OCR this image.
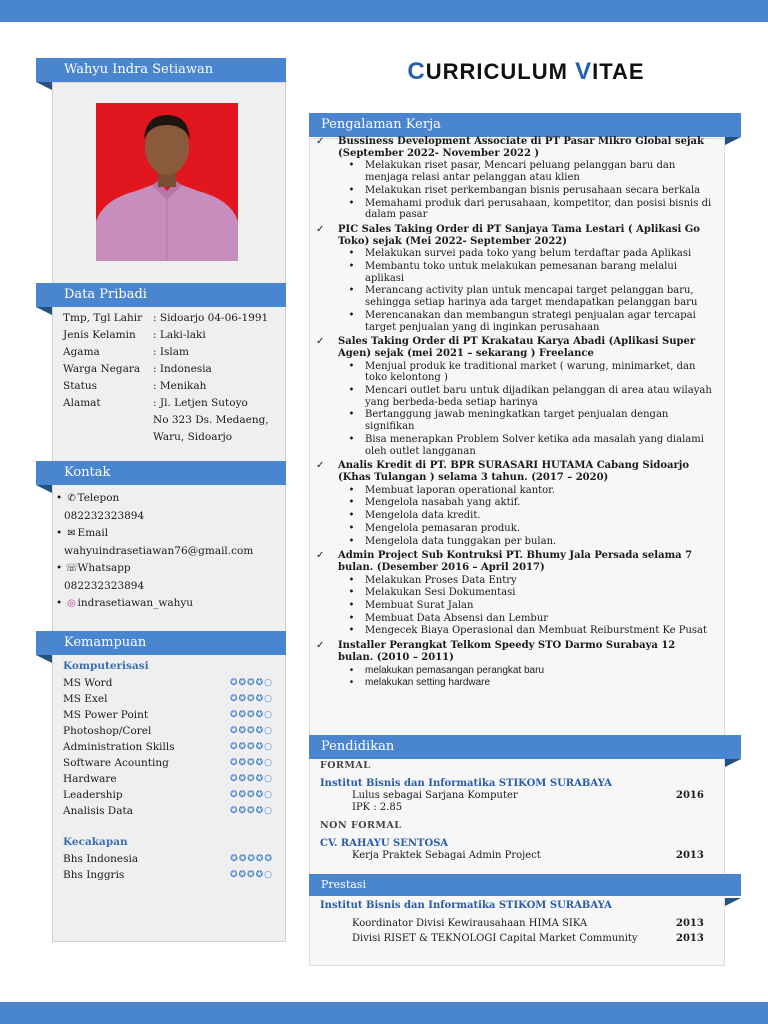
Wahyu Indra Setiawan
Data Pribadi
Tmp, Tgl Lahir	: Sidoarjo 04-06-1991
Jenis Kelamin	: Laki-laki
Agama	: Islam
Warga Negara	: Indonesia
Status	: Menikah
Alamat	: Jl. Letjen Sutoyo
No 323 Ds. Medaeng,
Waru, Sidoarjo
Kontak
• ✆ Telepon
082232323894
• ✉ Email
wahyuindrasetiawan76@gmail.com
• ☏Whatsapp
082232323894
• ◎ indrasetiawan_wahyu
Kemampuan
Komputerisasi
MS Word	✪✪✪✪○
MS Exel	✪✪✪✪○
MS Power Point	✪✪✪✪○
Photoshop/Corel	✪✪✪✪○
Administration Skills	✪✪✪✪○
Software Acounting	✪✪✪✪○
Hardware	✪✪✪✪○
Leadership	✪✪✪✪○
Analisis Data	✪✪✪✪○
Kecakapan
Bhs Indonesia	✪✪✪✪✪
Bhs Inggris	✪✪✪✪○
CURRICULUM VITAE
Pengalaman Kerja
✓	Bussiness Development Associate di PT Pasar Mikro Global sejak (September 2022- November 2022 )
•	Melakukan riset pasar, Mencari peluang pelanggan baru dan menjaga relasi antar pelanggan atau klien
•	Melakukan riset perkembangan bisnis perusahaan secara berkala
•	Memahami produk dari perusahaan, kompetitor, dan posisi bisnis di dalam pasar
✓	PIC Sales Taking Order di PT Sanjaya Tama Lestari ( Aplikasi Go Toko) sejak (Mei 2022- September 2022)
•	Melakukan survei pada toko yang belum terdaftar pada Aplikasi
•	Membantu toko untuk melakukan pemesanan barang melalui aplikasi
•	Merancang activity plan untuk mencapai target pelanggan baru, sehingga setiap harinya ada target mendapatkan pelanggan baru
•	Merencanakan dan membangun strategi penjualan agar tercapai target penjualan yang di inginkan perusahaan
✓	Sales Taking Order di PT Krakatau Karya Abadi (Aplikasi Super Agen) sejak (mei 2021 – sekarang ) Freelance
•	Menjual produk ke traditional market ( warung, minimarket, dan toko kelontong )
•	Mencari outlet baru untuk dijadikan pelanggan di area atau wilayah yang berbeda-beda setiap harinya
•	Bertanggung jawab meningkatkan target penjualan dengan signifikan
•	Bisa menerapkan Problem Solver ketika ada masalah yang dialami oleh outlet langganan
✓	Analis Kredit di PT. BPR SURASARI HUTAMA Cabang Sidoarjo (Khas Tulangan ) selama 3 tahun. (2017 – 2020)
•	Membuat laporan operational kantor.
•	Mengelola nasabah yang aktif.
•	Mengelola data kredit.
•	Mengelola pemasaran produk.
•	Mengelola data tunggakan per bulan.
✓	Admin Project Sub Kontruksi PT. Bhumy Jala Persada selama 7 bulan. (Desember 2016 – April 2017)
•	Melakukan Proses Data Entry
•	Melakukan Sesi Dokumentasi
•	Membuat Surat Jalan
•	Membuat Data Absensi dan Lembur
•	Mengecek Biaya Operasional dan Membuat Reiburstment Ke Pusat
✓	Installer Perangkat Telkom Speedy STO Darmo Surabaya 12 bulan. (2010 – 2011)
•	melakukan pemasangan perangkat baru
•	melakukan setting hardware
Pendidikan
FORMAL
Institut Bisnis dan Informatika STIKOM SURABAYA
Lulus sebagai Sarjana Komputer	2016
IPK : 2.85
NON FORMAL
CV. RAHAYU SENTOSA
Kerja Praktek Sebagai Admin Project	2013
Prestasi
Institut Bisnis dan Informatika STIKOM SURABAYA
Koordinator Divisi Kewirausahaan HIMA SIKA	2013
Divisi RISET & TEKNOLOGI Capital Market Community	2013
